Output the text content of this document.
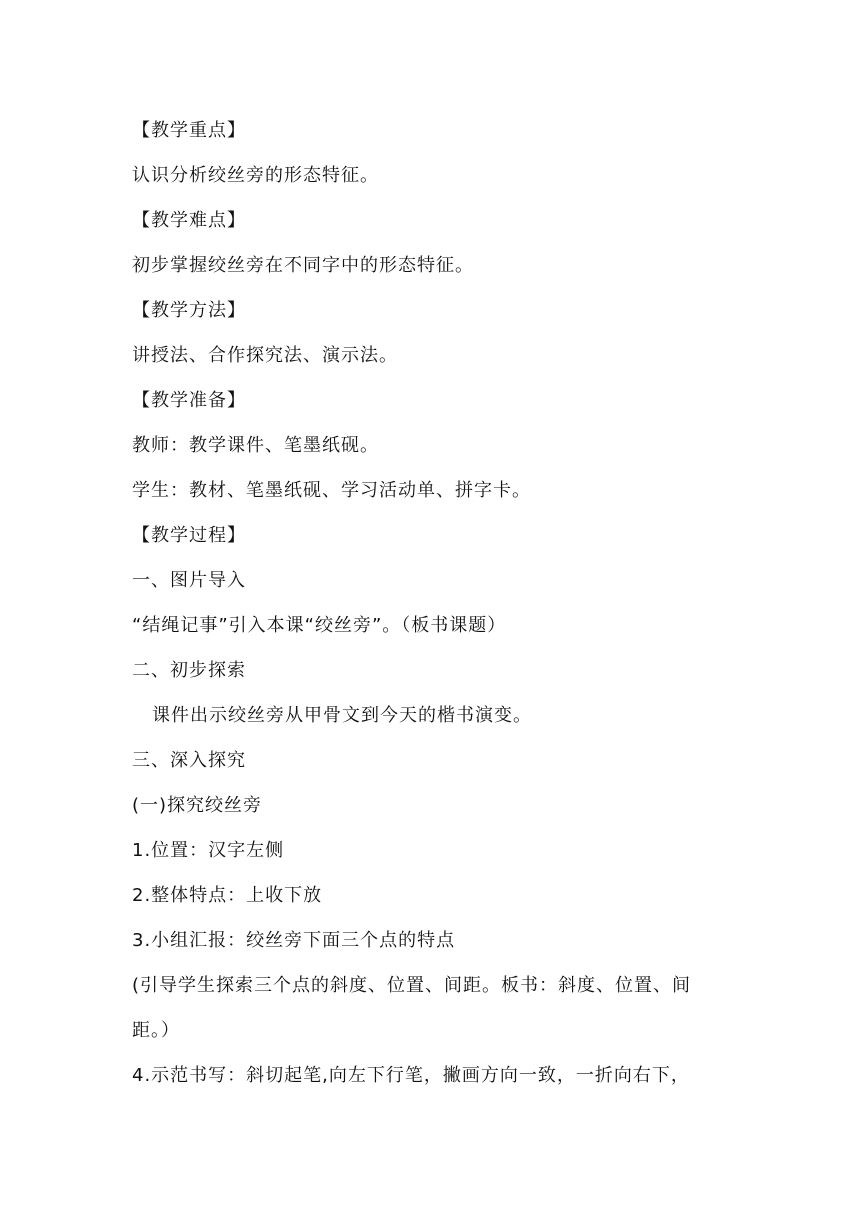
【教学重点】
认识分析绞丝旁的形态特征。
【教学难点】
初步掌握绞丝旁在不同字中的形态特征。
【教学方法】
讲授法、合作探究法、演示法。
【教学准备】
教师：教学课件、笔墨纸砚。
学生：教材、笔墨纸砚、学习活动单、拼字卡。
【教学过程】
一、图片导入
“结绳记事”引入本课“绞丝旁”。（板书课题）
二、初步探索
课件出示绞丝旁从甲骨文到今天的楷书演变。
三、深入探究
(一)探究绞丝旁
1.位置：汉字左侧
2.整体特点：上收下放
3.小组汇报：绞丝旁下面三个点的特点
(引导学生探索三个点的斜度、位置、间距。板书：斜度、位置、间
距。）
4.示范书写：斜切起笔,向左下行笔，撇画方向一致，一折向右下，
